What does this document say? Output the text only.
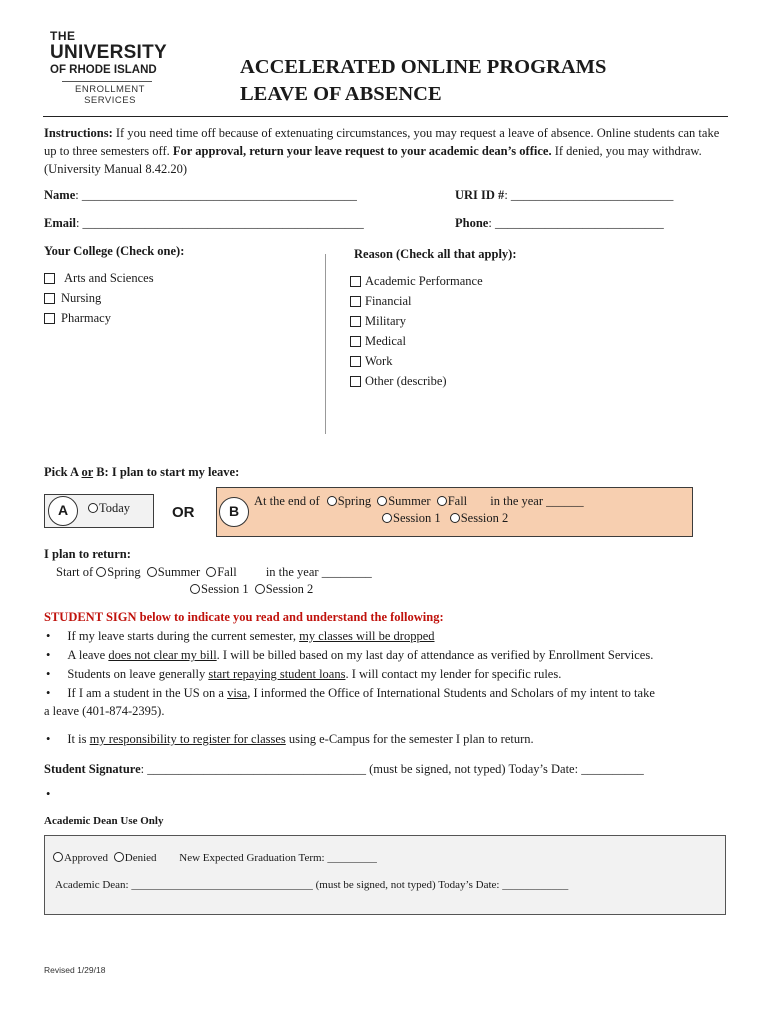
THE
UNIVERSITY
OF RHODE ISLAND
ENROLLMENT
SERVICES
ACCELERATED ONLINE PROGRAMS
LEAVE OF ABSENCE
Instructions: If you need time off because of extenuating circumstances, you may request a leave of absence. Online students can take up to three semesters off. For approval, return your leave request to your academic dean’s office. If denied, you may withdraw. (University Manual 8.42.20)
Name: ____________________________________________	URI ID #: __________________________
Email: _____________________________________________	Phone: ___________________________
Your College (Check one):
Arts and Sciences
Nursing
Pharmacy
Reason (Check all that apply):
Academic Performance
Financial
Military
Medical
Work
Other (describe)
Pick A or B: I plan to start my leave:
A	Today	OR	B
At the end of Spring Summer Fall in the year ______
Session 1 Session 2
I plan to return:
Start of Spring Summer Fall in the year ________
Session 1 Session 2
STUDENT SIGN below to indicate you read and understand the following:
• If my leave starts during the current semester, my classes will be dropped
• A leave does not clear my bill. I will be billed based on my last day of attendance as verified by Enrollment Services.
• Students on leave generally start repaying student loans. I will contact my lender for specific rules.
• If I am a student in the US on a visa, I informed the Office of International Students and Scholars of my intent to take
a leave (401-874-2395).
• It is my responsibility to register for classes using e-Campus for the semester I plan to return.
Student Signature: ___________________________________ (must be signed, not typed) Today’s Date: __________
•
Academic Dean Use Only
Approved Denied New Expected Graduation Term: _________
Academic Dean: _________________________________ (must be signed, not typed) Today’s Date: ____________
Revised 1/29/18
